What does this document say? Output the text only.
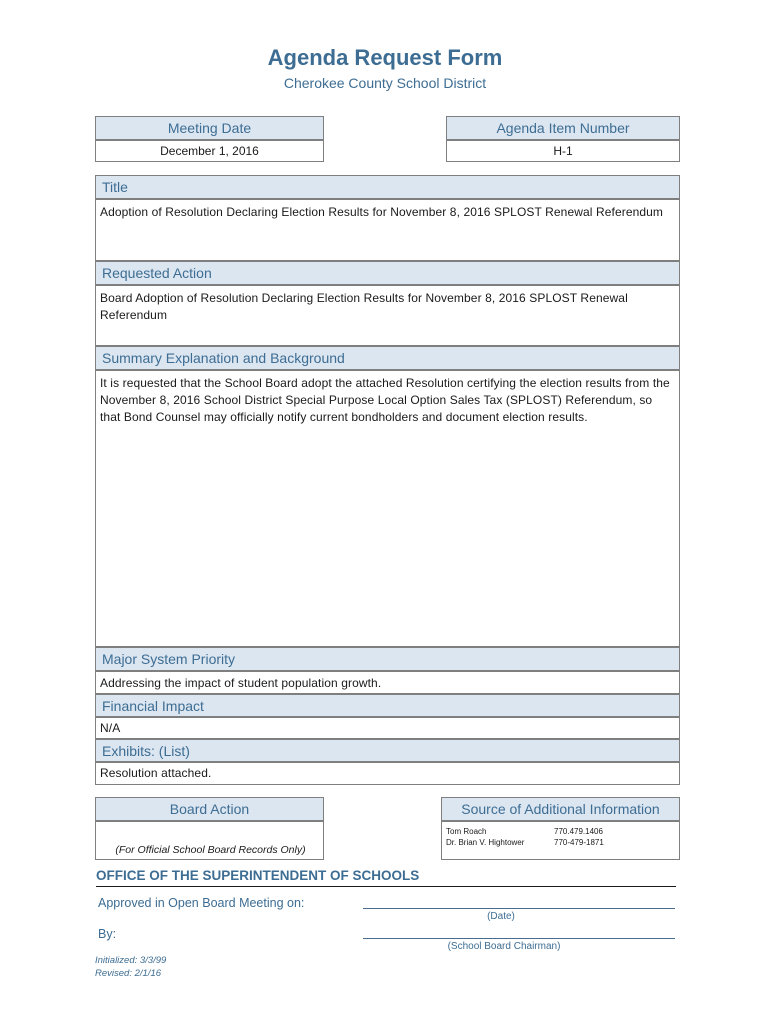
Agenda Request Form
Cherokee County School District
Meeting Date
December 1, 2016
Agenda Item Number
H-1
Title
Adoption of Resolution Declaring Election Results for November 8, 2016 SPLOST Renewal Referendum
Requested Action
Board Adoption of Resolution Declaring Election Results for November 8, 2016 SPLOST Renewal Referendum
Summary Explanation and Background
It is requested that the School Board adopt the attached Resolution certifying the election results from the November 8, 2016 School District Special Purpose Local Option Sales Tax (SPLOST) Referendum, so that Bond Counsel may officially notify current bondholders and document election results.
Major System Priority
Addressing the impact of student population growth.
Financial Impact
N/A
Exhibits: (List)
Resolution attached.
Board Action
(For Official School Board Records Only)
Source of Additional Information
Tom Roach	770.479.1406
Dr. Brian V. Hightower	770-479-1871
OFFICE OF THE SUPERINTENDENT OF SCHOOLS
Approved in Open Board Meeting on:
(Date)
By:
(School Board Chairman)
Initialized: 3/3/99
Revised: 2/1/16
